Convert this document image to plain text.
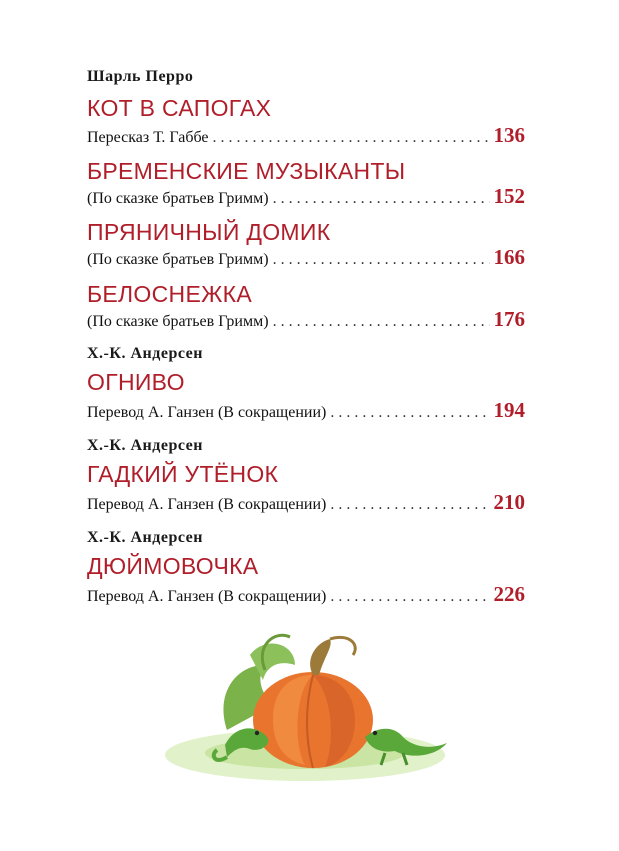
Шарль Перро
КОТ В САПОГАХ
Пересказ Т. Габбе . . .	136
БРЕМЕНСКИЕ МУЗЫКАНТЫ
(По сказке братьев Гримм) . . .	152
ПРЯНИЧНЫЙ ДОМИК
(По сказке братьев Гримм) . . .	166
БЕЛОСНЕЖКА
(По сказке братьев Гримм) . . .	176
Х.-К. Андерсен
ОГНИВО
Перевод А. Ганзен (В сокращении) . . .	194
Х.-К. Андерсен
ГАДКИЙ УТЁНОК
Перевод А. Ганзен (В сокращении) . . .	210
Х.-К. Андерсен
ДЮЙМОВОЧКА
Перевод А. Ганзен (В сокращении) . . .	226
